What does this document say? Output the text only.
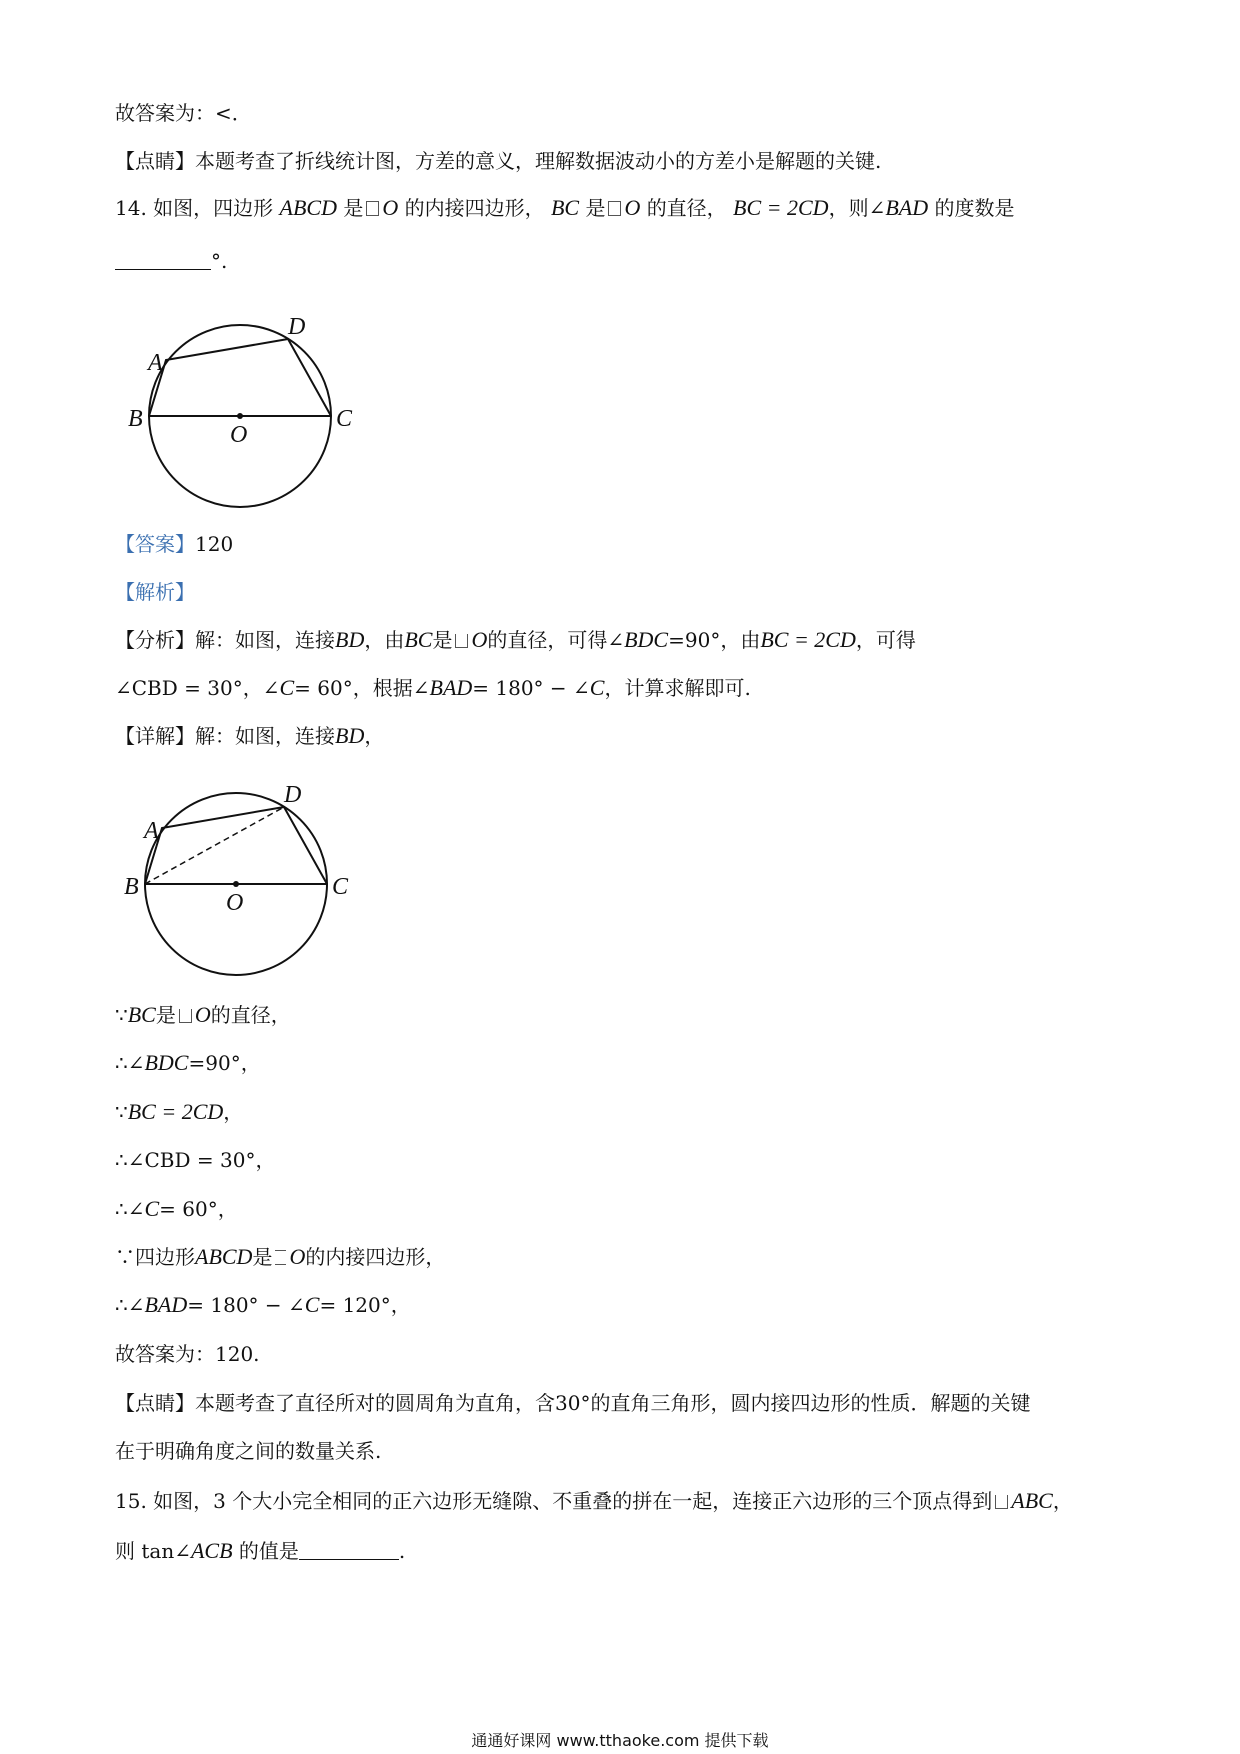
故答案为：<．
【点睛】本题考查了折线统计图，方差的意义，理解数据波动小的方差小是解题的关键.
14. 如图，四边形 ABCD 是 O 的内接四边形， BC 是 O 的直径， BC = 2CD，则∠BAD 的度数是
°.
A
B	C
D
O
【答案】120
【解析】
【分析】解：如图，连接BD，由BC是 O的直径，可得∠BDC=90°，由BC = 2CD，可得
∠CBD = 30°，∠C= 60°，根据∠BAD= 180° − ∠C，计算求解即可.
【详解】解：如图，连接BD，
A
B	C
D
O
∵BC是 O的直径，
∴∠BDC=90°，
∵BC = 2CD，
∴∠CBD = 30°，
∴∠C= 60°，
∵四边形ABCD是 O的内接四边形，
∴∠BAD= 180° − ∠C= 120°，
故答案为：120.
【点睛】本题考查了直径所对的圆周角为直角，含30°的直角三角形，圆内接四边形的性质．解题的关键
在于明确角度之间的数量关系.
15. 如图，3 个大小完全相同的正六边形无缝隙、不重叠的拼在一起，连接正六边形的三个顶点得到 ABC，
则 tan∠ACB 的值是	.
通通好课网 www.tthaoke.com 提供下载
